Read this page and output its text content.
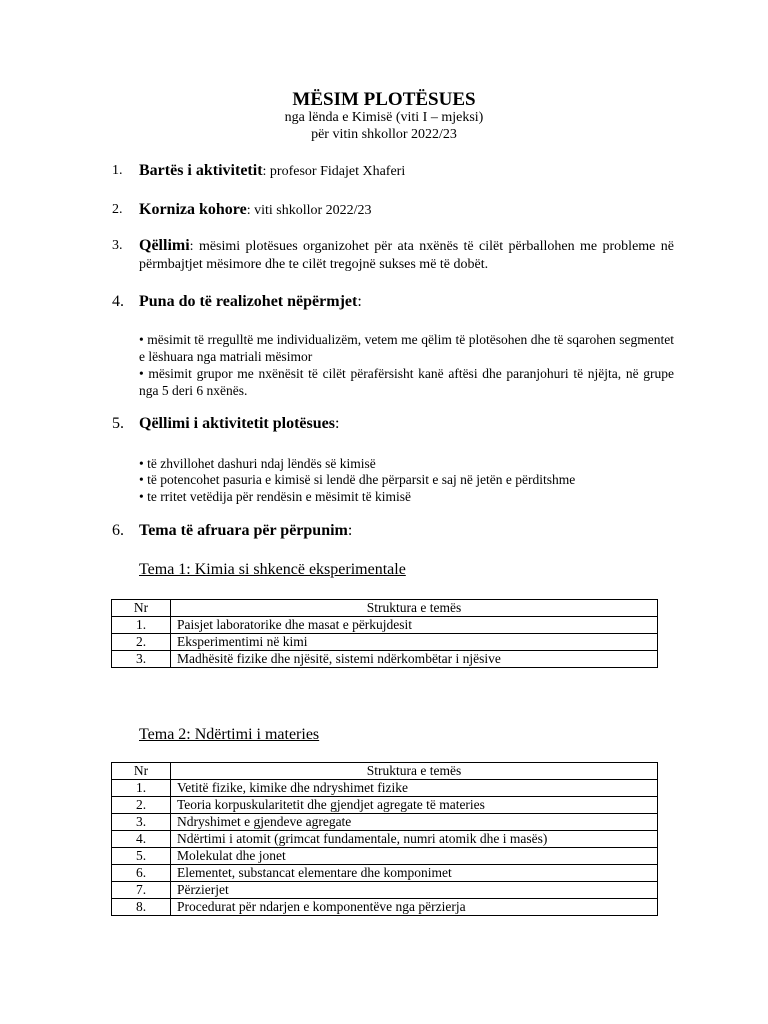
MËSIM PLOTËSUES
nga lënda e Kimisë (viti I – mjeksi)
për vitin shkollor 2022/23
1.	Bartës i aktivitetit: profesor Fidajet Xhaferi
2.	Korniza kohore: viti shkollor 2022/23
3.	Qëllimi: mësimi plotësues organizohet për ata nxënës të cilët përballohen me probleme në përmbajtjet mësimore dhe te cilët tregojnë sukses më të dobët.
4. Puna do të realizohet nëpërmjet:
• mësimit të rregulltë me individualizëm, vetem me qëlim të plotësohen dhe të sqarohen segmentet e lëshuara nga matriali mësimor
• mësimit grupor me nxënësit të cilët përafërsisht kanë aftësi dhe paranjohuri të njëjta, në grupe nga 5 deri 6 nxënës.
5. Qëllimi i aktivitetit plotësues:
• të zhvillohet dashuri ndaj lëndës së kimisë
• të potencohet pasuria e kimisë si lendë dhe përparsit e saj në jetën e përditshme
• te rritet vetëdija për rendësin e mësimit të kimisë
6. Tema të afruara për përpunim:
Tema 1: Kimia si shkencë eksperimentale
Nr	Struktura e temës
1.	Paisjet laboratorike dhe masat e përkujdesit
2.	Eksperimentimi në kimi
3.	Madhësitë fizike dhe njësitë, sistemi ndërkombëtar i njësive
Tema 2: Ndërtimi i materies
Nr	Struktura e temës
1.	Vetitë fizike, kimike dhe ndryshimet fizike
2.	Teoria korpuskularitetit dhe gjendjet agregate të materies
3.	Ndryshimet e gjendeve agregate
4.	Ndërtimi i atomit (grimcat fundamentale, numri atomik dhe i masës)
5.	Molekulat dhe jonet
6.	Elementet, substancat elementare dhe komponimet
7.	Përzierjet
8.	Procedurat për ndarjen e komponentëve nga përzierja
